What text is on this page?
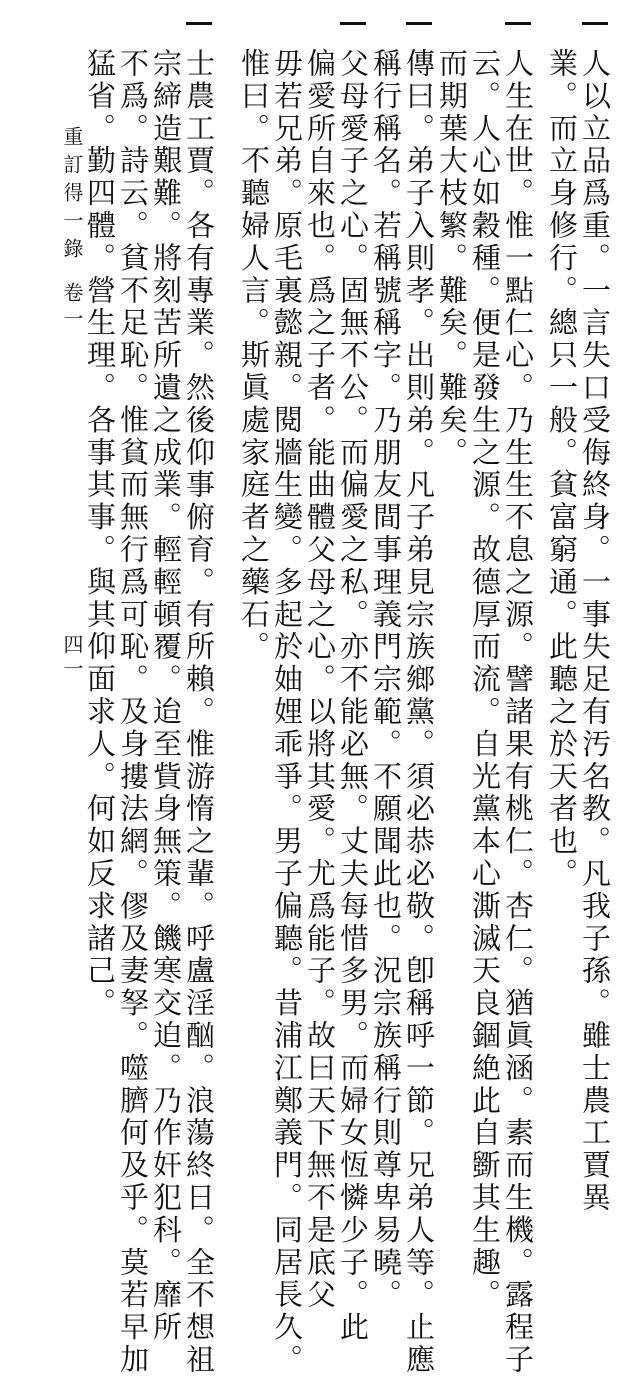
人以立品爲重。一言失口受侮終身。一事失足有汚名教。凡我子孫。雖士農工賈異
業。而立身修行。總只一般。貧富窮通。此聽之於天者也。
人生在世。惟一點仁心。乃生生不息之源。譬諸果有桃仁。杏仁。猶眞涵。素而生機。露程子
云。人心如穀種。便是發生之源。故德厚而流。自光黨本心澌滅天良錮絶此自斵其生趣。
而期葉大枝繁。難矣。難矣。
傳曰。弟子入則孝。出則弟。凡子弟見宗族鄉黨。須必恭必敬。卽稱呼一節。兄弟人等。止應
稱行稱名。若稱號稱字。乃朋友間事理義門宗範。不願聞此也。況宗族稱行則尊卑易曉。
父母愛子之心。固無不公。而偏愛之私。亦不能必無。丈夫每惜多男。而婦女恆憐少子。此
偏愛所自來也。爲之子者。能曲體父母之心。以將其愛。尤爲能子。故曰天下無不是底父
毋若兄弟。原毛裏懿親。閱牆生變。多起於妯娌乖爭。男子偏聽。昔浦江鄭義門。同居長久。
惟曰。不聽婦人言。斯眞處家庭者之藥石。
士農工賈。各有專業。然後仰事俯育。有所賴。惟游惰之輩。呼盧淫酗。浪蕩終日。全不想祖
宗締造艱難。將刻苦所遺之成業。輕輕頓覆。迨至貲身無策。饑寒交迫。乃作奸犯科。靡所
不爲。詩云。貧不足恥。惟貧而無行爲可恥。及身摟法網。僇及妻孥。噬臍何及乎。莫若早加
猛省。勤四體。營生理。各事其事。與其仰面求人。何如反求諸己。
重訂得一錄
卷一
四一
